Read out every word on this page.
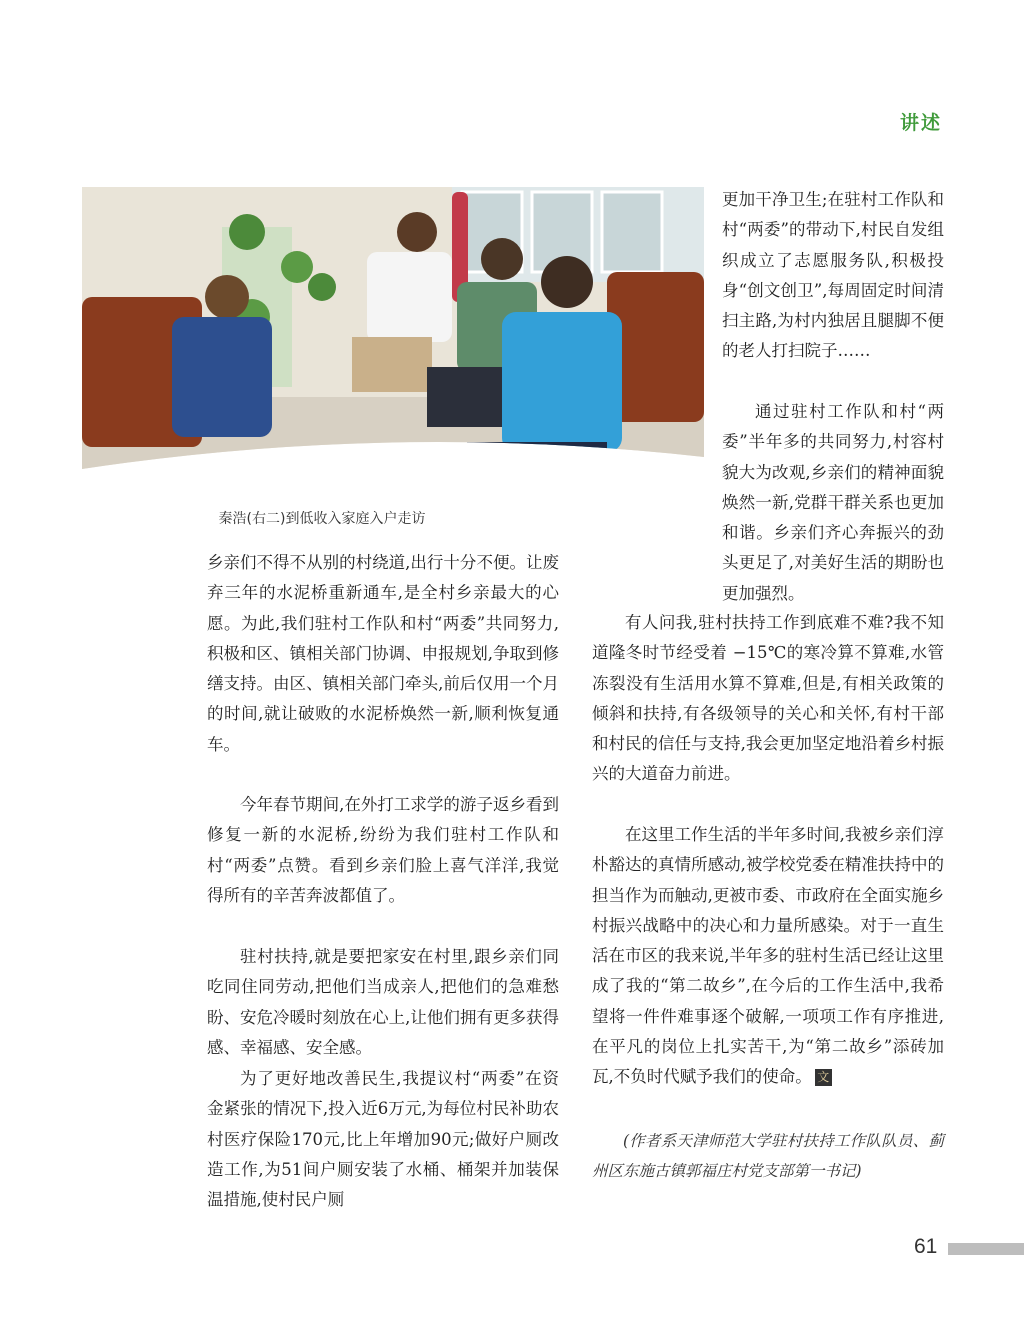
讲述
秦浩(右二)到低收入家庭入户走访

更加干净卫生;在驻村工作队和村“两委”的带动下,村民自发组织成立了志愿服务队,积极投身“创文创卫”,每周固定时间清扫主路,为村内独居且腿脚不便的老人打扫院子……

通过驻村工作队和村“两委”半年多的共同努力,村容村貌大为改观,乡亲们的精神面貌焕然一新,党群干群关系也更加和谐。乡亲们齐心奔振兴的劲头更足了,对美好生活的期盼也更加强烈。

乡亲们不得不从别的村绕道,出行十分不便。让废弃三年的水泥桥重新通车,是全村乡亲最大的心愿。为此,我们驻村工作队和村“两委”共同努力,积极和区、镇相关部门协调、申报规划,争取到修缮支持。由区、镇相关部门牵头,前后仅用一个月的时间,就让破败的水泥桥焕然一新,顺利恢复通车。

今年春节期间,在外打工求学的游子返乡看到修复一新的水泥桥,纷纷为我们驻村工作队和村“两委”点赞。看到乡亲们脸上喜气洋洋,我觉得所有的辛苦奔波都值了。

驻村扶持,就是要把家安在村里,跟乡亲们同吃同住同劳动,把他们当成亲人,把他们的急难愁盼、安危冷暖时刻放在心上,让他们拥有更多获得感、幸福感、安全感。

为了更好地改善民生,我提议村“两委”在资金紧张的情况下,投入近6万元,为每位村民补助农村医疗保险170元,比上年增加90元;做好户厕改造工作,为51间户厕安装了水桶、桶架并加装保温措施,使村民户厕

有人问我,驻村扶持工作到底难不难?我不知道隆冬时节经受着 −15℃的寒冷算不算难,水管冻裂没有生活用水算不算难,但是,有相关政策的倾斜和扶持,有各级领导的关心和关怀,有村干部和村民的信任与支持,我会更加坚定地沿着乡村振兴的大道奋力前进。

在这里工作生活的半年多时间,我被乡亲们淳朴豁达的真情所感动,被学校党委在精准扶持中的担当作为而触动,更被市委、市政府在全面实施乡村振兴战略中的决心和力量所感染。对于一直生活在市区的我来说,半年多的驻村生活已经让这里成了我的“第二故乡”,在今后的工作生活中,我希望将一件件难事逐个破解,一项项工作有序推进,在平凡的岗位上扎实苦干,为“第二故乡”添砖加瓦,不负时代赋予我们的使命。 文

(作者系天津师范大学驻村扶持工作队队员、蓟州区东施古镇郭福庄村党支部第一书记)
61
